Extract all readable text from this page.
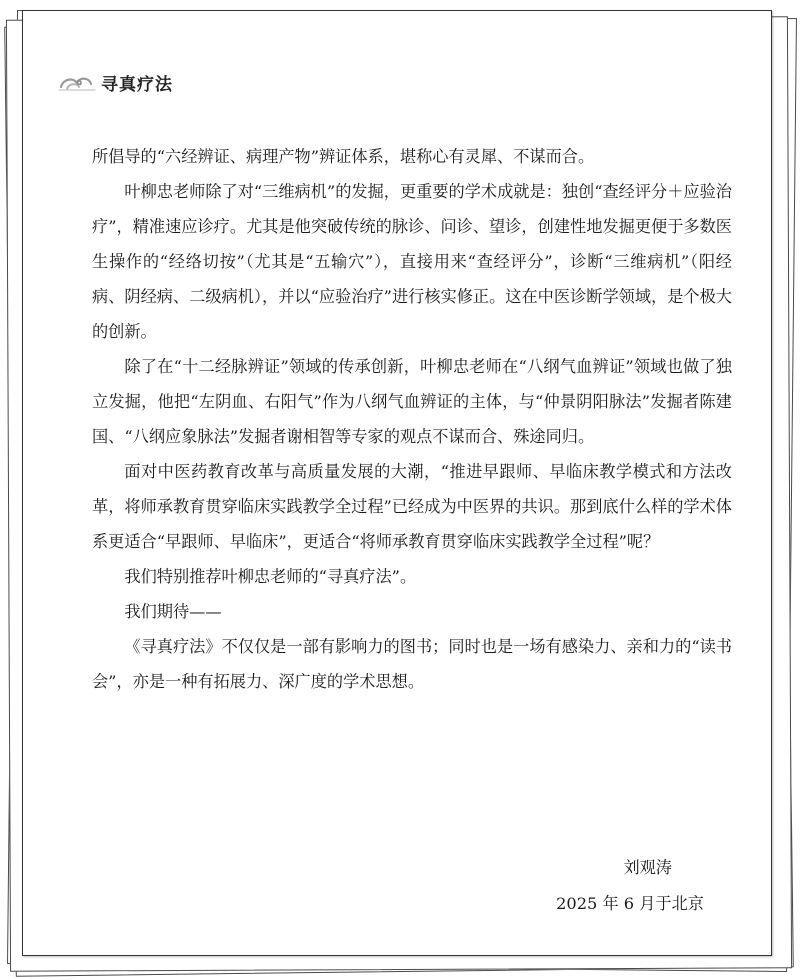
寻真疗法

所倡导的“六经辨证、病理产物”辨证体系，堪称心有灵犀、不谋而合。

叶柳忠老师除了对“三维病机”的发掘，更重要的学术成就是：独创“查经评分＋应验治疗”，精准速应诊疗。尤其是他突破传统的脉诊、问诊、望诊，创建性地发掘更便于多数医生操作的“经络切按”（尤其是“五输穴”），直接用来“查经评分”，诊断“三维病机”（阳经病、阴经病、二级病机），并以“应验治疗”进行核实修正。这在中医诊断学领域，是个极大的创新。

除了在“十二经脉辨证”领域的传承创新，叶柳忠老师在“八纲气血辨证”领域也做了独立发掘，他把“左阴血、右阳气”作为八纲气血辨证的主体，与“仲景阴阳脉法”发掘者陈建国、“八纲应象脉法”发掘者谢相智等专家的观点不谋而合、殊途同归。

面对中医药教育改革与高质量发展的大潮，“推进早跟师、早临床教学模式和方法改革，将师承教育贯穿临床实践教学全过程”已经成为中医界的共识。那到底什么样的学术体系更适合“早跟师、早临床”，更适合“将师承教育贯穿临床实践教学全过程”呢？

我们特别推荐叶柳忠老师的“寻真疗法”。

我们期待——

《寻真疗法》不仅仅是一部有影响力的图书；同时也是一场有感染力、亲和力的“读书会”，亦是一种有拓展力、深广度的学术思想。

刘观涛
2025 年 6 月于北京
